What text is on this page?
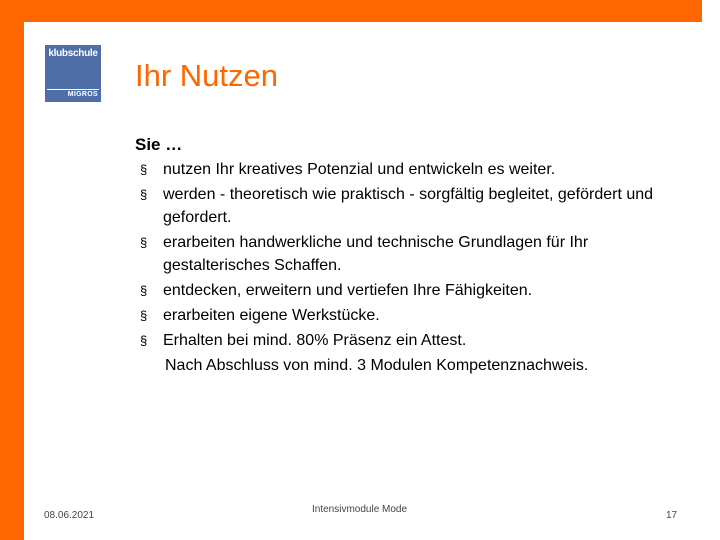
klubschule
MIGROS
Ihr Nutzen
Sie …
§ nutzen Ihr kreatives Potenzial und entwickeln es weiter.
§ werden - theoretisch wie praktisch - sorgfältig begleitet, gefördert und gefordert.
§ erarbeiten handwerkliche und technische Grundlagen für Ihr gestalterisches Schaffen.
§ entdecken, erweitern und vertiefen Ihre Fähigkeiten.
§ erarbeiten eigene Werkstücke.
§ Erhalten bei mind. 80% Präsenz ein Attest.
Nach Abschluss von mind. 3 Modulen Kompetenznachweis.
08.06.2021
Intensivmodule Mode
17
